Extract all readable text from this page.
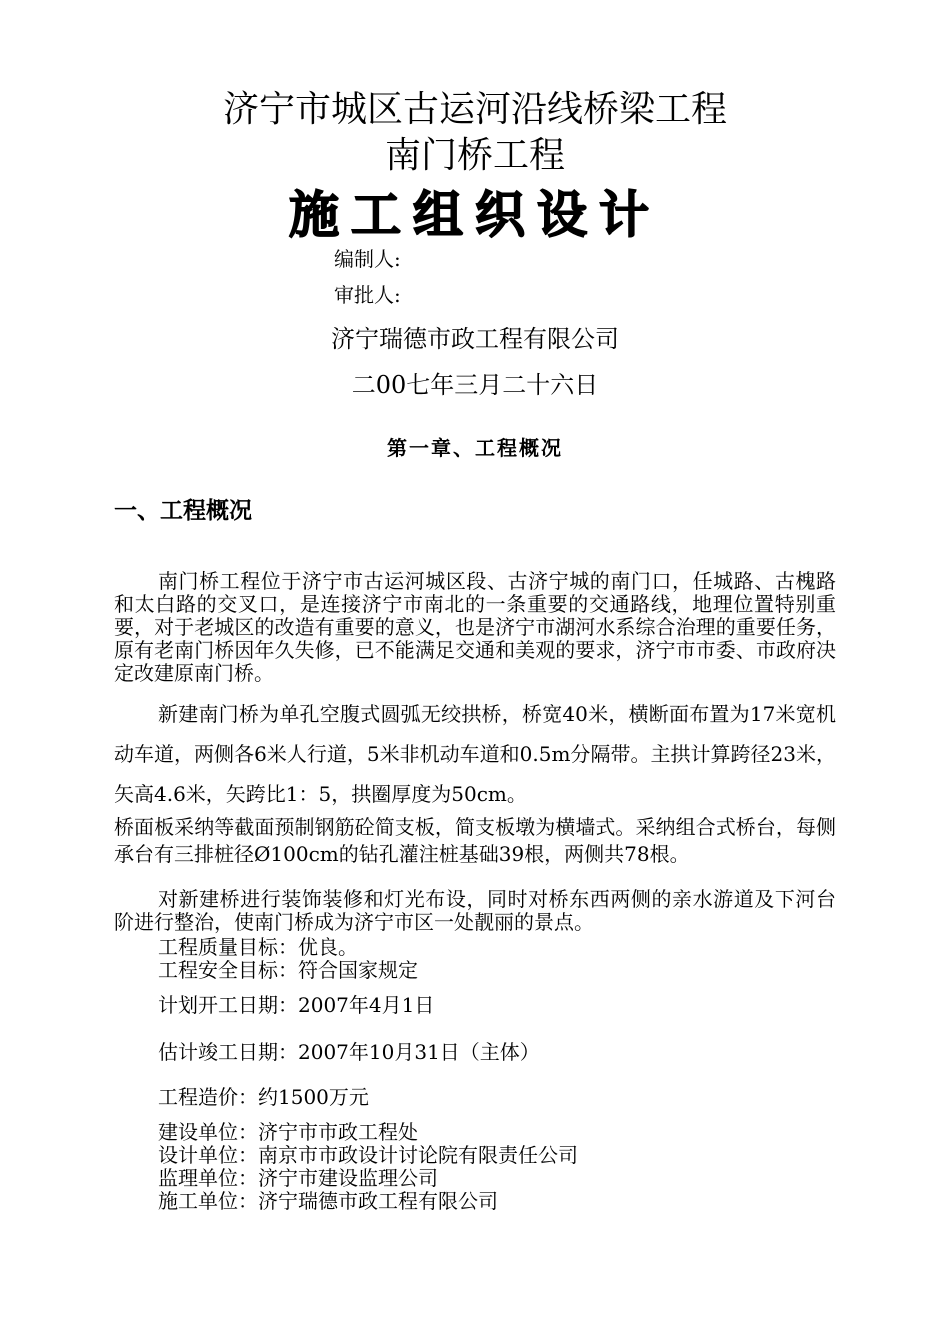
济宁市城区古运河沿线桥梁工程
南门桥工程
施工组织设计
编制人:
审批人:
济宁瑞德市政工程有限公司
二00七年三月二十六日
第一章、工程概况
一、工程概况
南门桥工程位于济宁市古运河城区段、古济宁城的南门口，任城路、古槐路和太白路的交叉口，是连接济宁市南北的一条重要的交通路线，地理位置特别重要，对于老城区的改造有重要的意义，也是济宁市湖河水系综合治理的重要任务，原有老南门桥因年久失修，已不能满足交通和美观的要求，济宁市市委、市政府决定改建原南门桥。
新建南门桥为单孔空腹式圆弧无绞拱桥，桥宽40米，横断面布置为17米宽机动车道，两侧各6米人行道，5米非机动车道和0.5m分隔带。主拱计算跨径23米，矢高4.6米，矢跨比1：5，拱圈厚度为50cm。
桥面板采纳等截面预制钢筋砼简支板，简支板墩为横墙式。采纳组合式桥台，每侧承台有三排桩径Ø100cm的钻孔灌注桩基础39根，两侧共78根。
对新建桥进行装饰装修和灯光布设，同时对桥东西两侧的亲水游道及下河台阶进行整治，使南门桥成为济宁市区一处靓丽的景点。
工程质量目标：优良。
工程安全目标：符合国家规定
计划开工日期：2007年4月1日
估计竣工日期：2007年10月31日（主体）
工程造价：约1500万元
建设单位：济宁市市政工程处
设计单位：南京市市政设计讨论院有限责任公司
监理单位：济宁市建设监理公司
施工单位：济宁瑞德市政工程有限公司
